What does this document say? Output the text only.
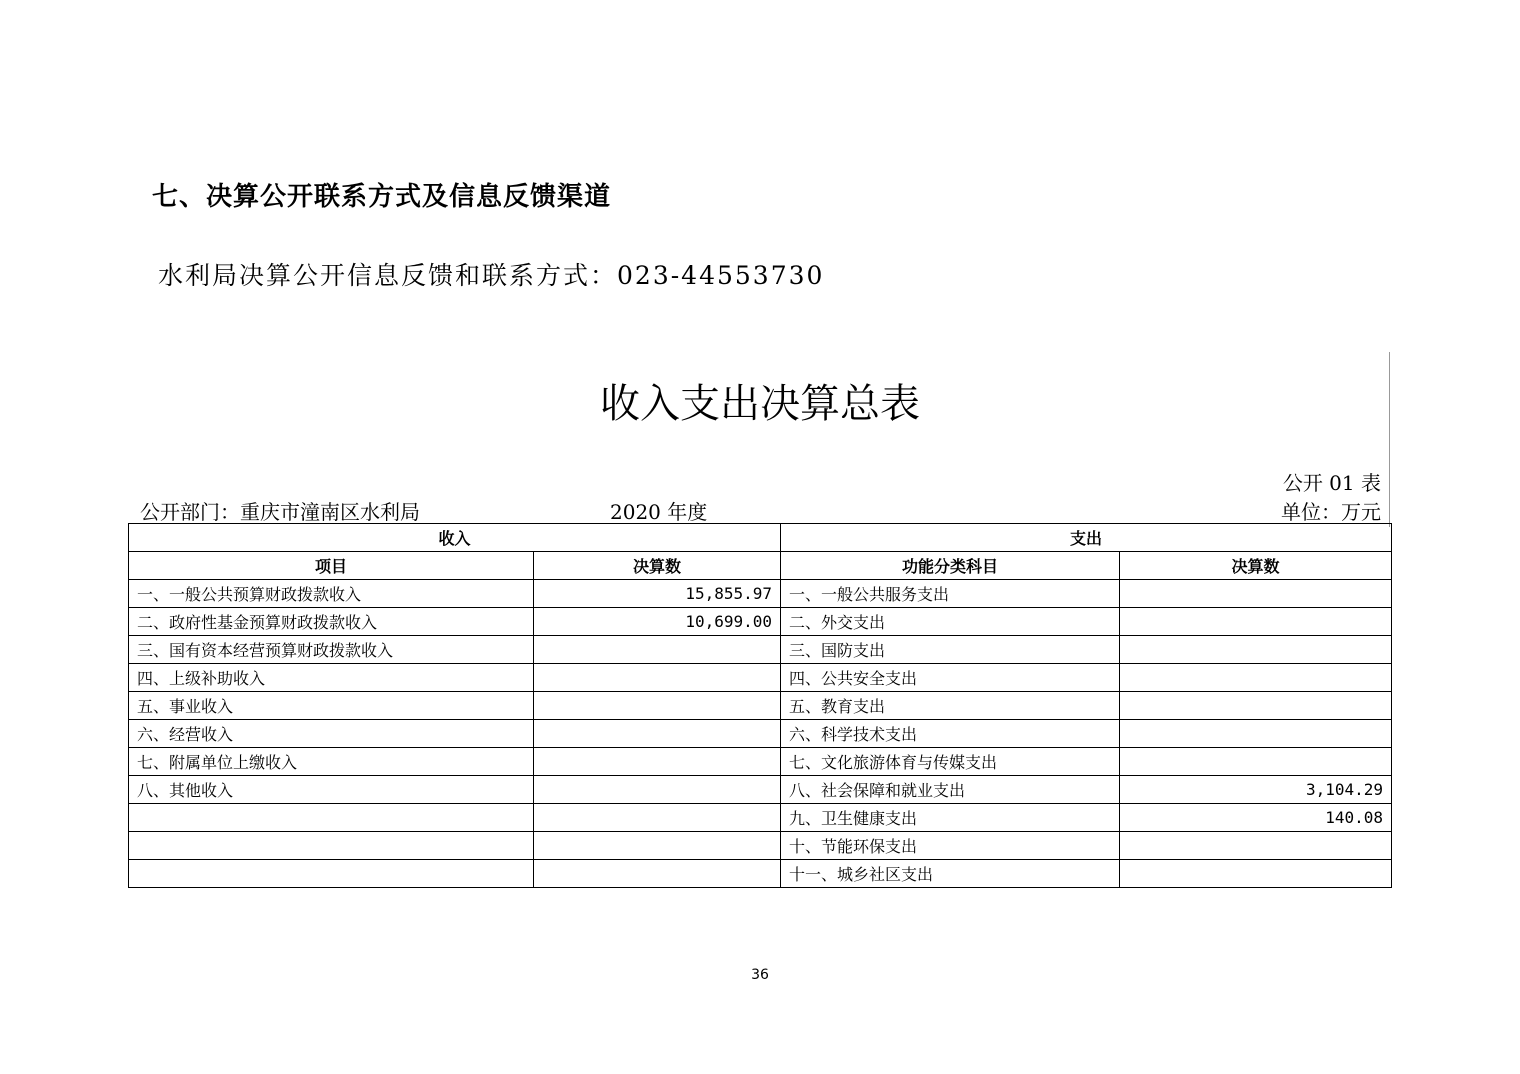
七、决算公开联系方式及信息反馈渠道
水利局决算公开信息反馈和联系方式：023-44553730
收入支出决算总表
公开 01 表
公开部门：重庆市潼南区水利局	2020 年度	单位：万元
收入		支出	
项目	决算数	功能分类科目	决算数
一、一般公共预算财政拨款收入	15,855.97	一、一般公共服务支出	
二、政府性基金预算财政拨款收入	10,699.00	二、外交支出	
三、国有资本经营预算财政拨款收入		三、国防支出	
四、上级补助收入		四、公共安全支出	
五、事业收入		五、教育支出	
六、经营收入		六、科学技术支出	
七、附属单位上缴收入		七、文化旅游体育与传媒支出	
八、其他收入		八、社会保障和就业支出	3,104.29
		九、卫生健康支出	140.08
		十、节能环保支出	
		十一、城乡社区支出	
36
